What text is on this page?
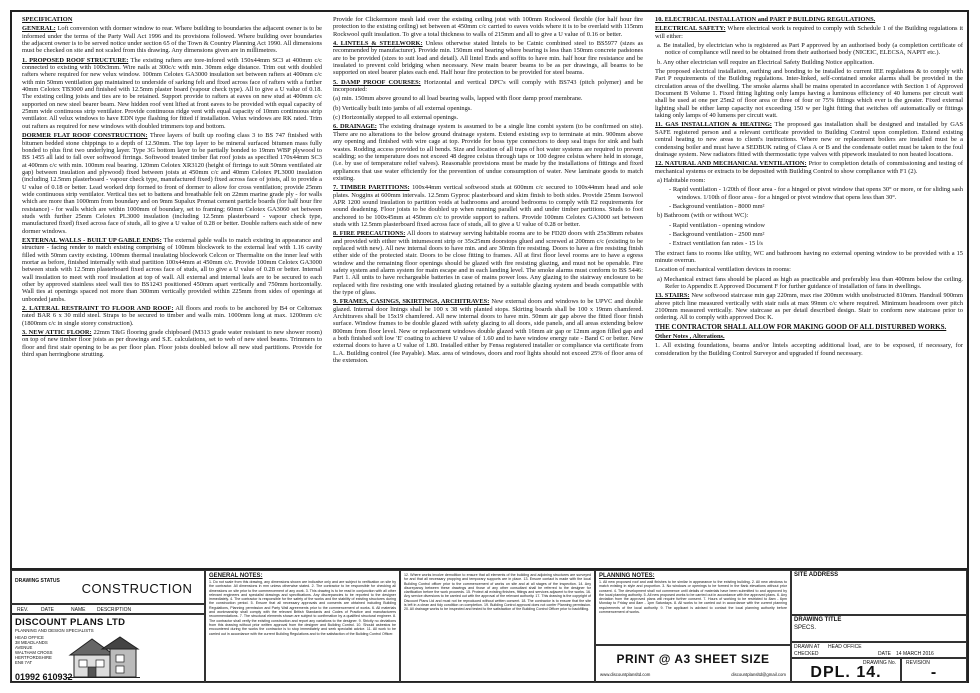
SPECIFICATION

GENERAL: Loft conversion with dormer window to rear. Where building to boundaries the adjacent owner is to be informed under the terms of the Party Wall Act 1996 and its provisions followed. Where building over boundaries the adjacent owner is to be served notice under section 65 of the Town & Country Planning Act 1990. All dimensions must be checked on site and not scaled from this drawing. Any dimensions given are in millimetres.

1. PROPOSED ROOF STRUCTURE: The existing rafters are tore-infored with 150x44mm SC3 at 400mm c/c connected to existing with 100x3mm. Wire nails at 300c/c with min. 30mm edge distance. Trim out with doubled rafters where required for new velux window. 100mm Celotex GA3000 insulation set between rafters at 400mm c/c with min 50mm ventilation gap maintained to underside of sarking felt and fixed across face of rafters with a further 40mm Celotex TB3000 and finished with 12.5mm plaster board (vapour check type). All to give a U value of 0.18. The existing ceiling joists and ties are to be retained. Support provide to rafters at eaves on new stud at 400mm c/c supported on new steel bearer beam. New hidden roof vent lifted at front eaves to be provided with equal capacity of 25mm wide continuous strip ventilator. Provide continuous ridge vent with equal capacity of 10mm continuous strip ventilator. All velux windows to have EDN type flashing for fitted if installation. Velux windows are RK rated. Trim out rafters as required for new windows with doubled trimmers top and bottom.

DORMER FLAT ROOF CONSTRUCTION: Three layers of built up roofing class 3 to BS 747 finished with bitumen bedded stone chippings to a depth of 12.50mm. The top layer to be mineral surfaced bitumen mass fully bonded to plus first two underlying layer. Type 3G bottom layer to be partially bonded to 19mm WBP plywood to BS 1455 all laid to fall over softwood firrings. Softwood treated timber flat roof joists as specified 170x44mm SC3 at 400mm c/c with min. 100mm real bearing. 120mm Celotex XR3120 (height of firrings to suit 50mm ventilated air gap) between insulation and plywood) fixed between joists at 450mm c/c and 40mm Celotex PL3000 insulation (including 12.5mm plasterboard - vapour check type, manufactured fixed) fixed across face of joists, all to provide a U value of 0.18 or better. Lead worked drip formed to front of dormer to allow for cross ventilation; provide 25mm wide continuous strip ventilator. Vertical ties set to battens and breathable felt on 22mm marine grade ply - for walls which are more than 1000mm from boundary and on 9mm Supalux Promat cement particle boards (for half hour fire resistance) - for walls which are within 1000mm of boundary, set to framing; 60mm Celotex GA3060 set between studs with further 25mm Celotex PL3000 insulation (including 12.5mm plasterboard - vapour check type, manufactured fixed) fixed across face of studs, all to give a U value of 0.28 or better. Double rafters each side of new dormer windows.

EXTERNAL WALLS - BUILT UP GABLE ENDS: The external gable walls to match existing in appearance and structure - facing render to match existing comprising of 100mm blockwork to the external leaf with 1.16 cavity filled with 50mm cavity existing. 100mm thermal insulating blockwork Celcon or Thermalite on the inner leaf with mortar as before, finished internally with stud partition 100x44mm at 450mm c/c. Provide 100mm Celotex GA3000 between studs with 12.5mm plasterboard fixed across face of studs, all to give a U value of 0.28 or better. Internal wall insulation to meet with roof insulation at top of wall. All external and internal leafs are to be secured to each other by approved stainless steel wall ties to BS1243 positioned 450mm apart vertically and 750mm horizontally. Wall ties at openings spaced not more than 300mm vertically provided within 225mm from sides of openings at unbonded jambs.

2. LATERAL RESTRAINT TO FLOOR AND ROOF: All floors and roofs to be anchored by B4 or Celtomax rated BAR 6 x 30 mild steel. Straps to be secured to timber and walls min. 1000mm long at max. 1200mm c/c (1800mm c/c in single storey construction).

3. NEW ATTIC FLOOR: 22mm T&G flooring grade chipboard (M313 grade water resistant to new shower room) on top of new timber floor joists as per drawings and S.E. calculations, set to web of new steel beams. Trimmers to floor and first stair opening to be as per floor plan. Floor joists doubled below all new stud partitions. Provide for third span herringbone strutting.

Provide for Clickermore mesh laid over the existing ceiling joist with 100mm Rockwool flexible (for half hour fire protection to the existing ceiling) set between at 450mm c/c carried to eaves voids where it is to be overlaid with 115mm Rockwool quilt insulation. To give a total thickness to walls of 215mm and all to give a U value of 0.16 or better.

4. LINTELS & STEELWORK: Unless otherwise stated lintels to be Catnic combined steel to BS5977 (sizes as recommended by manufacturer). Provide min. 150mm end bearing where bearing is less than 150mm concrete padstones are to be provided (sizes to suit load and detail). All lintel Ends and soffits to have min. half hour fire resistance and be insulated to prevent cold bridging when necessary. New main bearer beams to be as per drawings, all beams to be supported on steel bearer plates each end. Half hour fire protection to be provided for steel beams.

5. DAMP PROOF COURSES: Horizontal and vertical DPC's will comply with BS743 (pitch polymer) and be incorporated:

(a) min. 150mm above ground to all load bearing walls, lapped with floor damp proof membrane.

(b) Vertically built into jambs of all external openings.

(c) Horizontally stepped to all external openings.

6. DRAINAGE: The existing drainage system is assumed to be a single line combi system (to be confirmed on site). There are no alterations to the below ground drainage system. Extend existing svp to terminate at min. 900mm above any opening and finished with wire cage at top. Provide for boss type connectors to deep seal traps for sink and bath wastes. Rodding access provided to all bends. Size and location of all traps of hot water systems are required to prevent scalding; so the temperature does not exceed 48 degree celsius through taps or 100 degree celsius where held in storage, (i.e. by use of temperature relief valves). Reasonable provisions must be made by the installations of fittings and fixed appliances that use water efficiently for the prevention of undue consumption of water. New laminate goods to match existing.

7. TIMBER PARTITIONS: 100x44mm vertical softwood studs at 600mm c/c secured to 100x44mm head and sole plates. Noggins at 600mm intervals. 12.5mm Gyproc plasterboard and skim finish to both sides. Provide 25mm Isowool APR 1200 sound insulation to partition voids at bathrooms and around bedrooms to comply with E2 requirements for sound deadening. Floor joists to be doubled up when running parallel with and under timber partitions. Studs to foot anchored to be 100x45mm at 450mm c/c to provide support to rafters. Provide 100mm Celotex GA3000 set between studs with 12.5mm plasterboard fixed across face of studs, all to give a U value of 0.28 or better.

8. FIRE PRECAUTIONS: All doors to stairway serving habitable rooms are to be FD20 doors with 25x38mm rebates and provided with either with intumescent strip or 35x25mm doorstops glued and screwed at 200mm c/c (existing to be replaced with new). All new internal doors to have min. and are 30min fire resisting. Doors to have a fire resisting finish either side of the protected stair. Doors to be close fitting to frames. All at first floor level rooms are to have a egress window and the remaining floor openings should be glazed with fire resisting glazing, and must not be openable. Fire safety system and alarm system for main escape and in each landing level. The smoke alarms must conform to BS 5446: Part 1. All units to have rechargeable batteries in case of mains power loss. Any glazing to the stairway enclosure to be replaced with fire resisting one with insulated glazing retained by a suitable glazing system and beads compatible with the type of glass.

9. FRAMES, CASINGS, SKIRTINGS, ARCHITRAVES: New external doors and windows to be UPVC and double glazed. Internal door linings shall be 100 x 38 with planted stops. Skirting boards shall be 100 x 19mm chamfered. Architraves shall be 15x19 chamfered. All new internal doors to have min. 50mm air gap above the fitted floor finish surface. Window frames to be double glazed with safety glazing to all doors, side panels, and all areas extending below 800mm from floor level. New or replacement windows double glazed with 16mm air gap or 12mm argon filled gap and a both finished soft low 'E' coating to achieve U value of 1.60 and to have window energy rate - Band C or better. New external doors to have a U value of 1.80. Installed either by Fensa registered installer or compliance via certificate from L.A. Building control (fee Payable). Max. area of windows, doors and roof lights should not exceed 25% of floor area of the extension.

10. ELECTRICAL INSTALLATION and PART P BUILDING REGULATIONS.

ELECTRICAL SAFETY: Where electrical work is required to comply with Schedule 1 of the Building regulations it will either:

a. Be installed, by electrician who is registered as Part P approved by an authorised body (a completion certificate of notice of compliance will need to be obtained from their authorised body (NICEIC, ELECSA, NAPIT etc.).

b. Any other electrician will require an Electrical Safety Building Notice application.

The proposed electrical installation, earthing and bonding to be installed to current IEE regulations & to comply with Part P requirements of the Building regulations. Inter-linked, self-contained smoke alarms shall be provided in the circulation areas of the dwelling. The smoke alarms shall be mains operated in accordance with Section 1 of Approved Document B Volume 1. Fixed fitting lighting only lamps having a luminous efficiency of 40 lumens per circuit watt shall be used at one per 25m2 of floor area or three of four or 75% fittings which ever is the greater. Fixed external lighting shall be either lamp capacity not exceeding 150 w per light fitting that switches off automatically or fittings taking only lamps of 40 lumens per circuit watt.

11. GAS INSTALLATION & HEATING: The proposed gas installation shall be designed and installed by GAS SAFE registered person and a relevant certificate provided to Building Control upon completion. Extend existing central heating to new areas to client's instructions. Where new or replacement boilers are installed must be a condensing boiler and must have a SEDBUK rating of Class A or B and the condensate outlet must be taken to the foul drainage system. New radiators fitted with thermostatic type valves with pipework insulated to non heated locations.

12. NATURAL AND MECHANICAL VENTILATION: Prior to completion details of commissioning and testing of mechanical systems or extracts to be deposited with Building Control to show compliance with F1 (2).

a) Habitable room:

- Rapid ventilation - 1/20th of floor area - for a hinged or pivot window that opens 30° or more, or for sliding sash windows. 1/10th of floor area - for a hinged or pivot window that opens less than 30°.

- Background ventilation - 8000 mm²

b) Bathroom (with or without WC):

- Rapid ventilation - opening window

- Background ventilation - 2500 mm²

- Extract ventilation fan rates - 15 l/s

The extract fans to rooms like utility, WC and bathroom having no external opening window to be provided with a 15 minute overrun.

Location of mechanical ventilation devices in rooms:

a) Mechanical extract fans should be placed as high as practicable and preferably less than 400mm below the ceiling. Refer to Appendix E Approved Document F for further guidance of installation of fans in dwellings.

13. STAIRS: New softwood staircase min gap 220mm, max rise 200mm width unobstructed 810mm. Handrail 900mm above pitch line measured vertically with stair rails at max 99mm c/c where required. Minimum headroom over pitch 2100mm measured vertically. New staircase as per detail described design. Stair to conform new staircase prior to ordering. All to comply with approved Doc K.

THE CONTRACTOR SHALL ALLOW FOR MAKING GOOD OF ALL DISTURBED WORKS.

Other Notes , Alterations.

1. All existing foundations, beams and/or lintels accepting additional load, are to be exposed, if necessary, for consideration by the Building Control Surveyor and upgraded if found necessary.

DRAWING STATUS	CONSTRUCTION
REV.	DATE	NAME	DESCRIPTION
DISCOUNT PLANS LTD
PLANNING AND DESIGN SPECIALISTS
HEAD OFFICE
38 MEADLANDS AVENUE
WALTHAM CROSS
HERTFORDSHIRE
EN8 7AT
01992 610932
GENERAL NOTES:
1. Do not scale from this drawing, any dimensions shown are indicative only and are subject to verification on site by the contractor. All dimensions in mm unless otherwise stated. 2. The contractor to be responsible for checking all dimensions on site prior to the commencement of any work. 3. This drawing is to be read in conjunction with all other relevant engineers and specialist drawings and specifications. Any discrepancies to be reported to the designer immediately. 4. The contractor is responsible for the safety of the works and the stability of existing structures during the construction period. 5. Ensure that all necessary approvals and consents are obtained including Building Regulations, Planning permission and Party Wall agreements prior to the commencement of works. 6. All materials and workmanship shall comply with the relevant British Standards and Codes of Practice and manufacturers recommendations. 7. The structural elements shown are subject to confirmation by a qualified structural engineer. 8. The contractor shall verify the existing construction and report any variations to the designer. 9. Strictly no deviations from this drawing without prior written approval from the designer and Building Control. 10. Should asbestos be encountered during the works the contractor is to stop immediately and seek specialist advice. 11. All work to be carried out in accordance with the current Building Regulations and to the satisfaction of the Building Control Officer.
12. Where works involve demolition to ensure that all elements of the building and adjoining structures are surveyed for and that all necessary propping and temporary supports are in place. 13. Ensure contact is made with the local Building Control officer prior to the commencement of works on site and at all stages of the inspection. 14. Any discrepancy between these drawings and those of any other consultant shall be referred to the designer for clarification before the work proceeds. 15. Protect all existing finishes, fittings and services adjacent to the works. 16. Any service diversions to be carried out with the approval of the relevant authority. 17. This drawing is the copyright of Discount Plans Ltd and must not be reproduced without written consent. 18. The contractor is to ensure that the site is left in a clean and tidy condition on completion. 19. Building Control approval does not confer Planning permission. 20. All drainage works to be inspected and tested to the satisfaction of the Building Control Officer prior to backfilling.
PLANNING NOTES:
1. All new proposed roof and wall finishes to be similar in appearance to the existing building. 2. All new windows to match existing in style and proportion. 3. No windows or openings to be formed in the flank elevations without prior consent. 4. The development shall not commence until details of materials have been submitted to and approved by the local planning authority. 5. All new proposed works to be carried out in accordance with the approved plans. 6. Any deviation from the approved plans will require further consent. 7. Hours of working to be restricted to 8am - 6pm Monday to Friday and 8am - 1pm Saturdays. 8. All works to be carried out in accordance with the current planning requirements of the local authority. 9. The applicant is advised to contact the local planning authority before commencement of works.
PRINT @ A3 SHEET SIZE
www.discountplansltd.com	discountplansltd@gmail.com
SITE ADDRESS
DRAWING TITLE
SPECS.
DRAWN AT	HEAD OFFICE
CHECKED	DATE	14 MARCH 2016
DRAWING No.
DPL. 14.
REVISION
-
